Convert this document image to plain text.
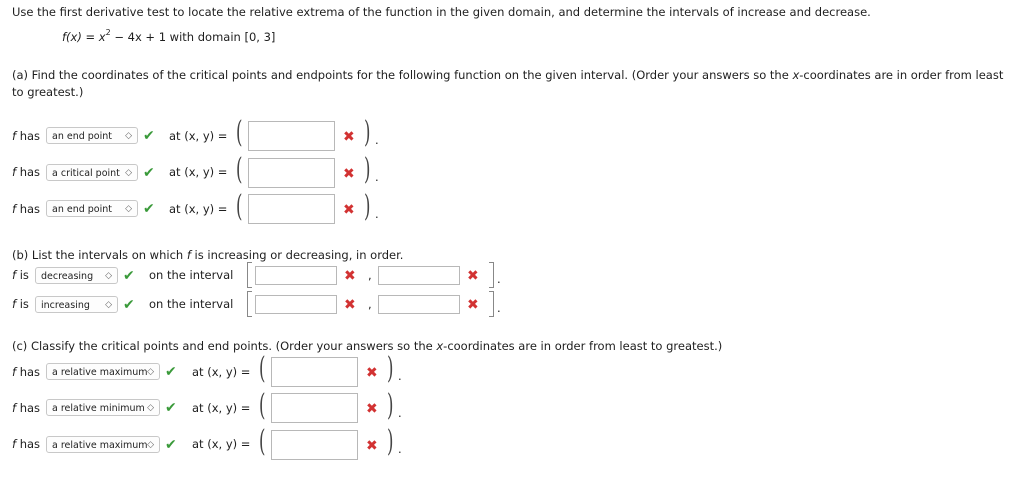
Use the first derivative test to locate the relative extrema of the function in the given domain, and determine the intervals of increase and decrease.
$f(x) = x^2 - 4x + 1$ with domain [0, 3]
(a) Find the coordinates of the critical points and endpoints for the following function on the given interval. (Order your answers so the x-coordinates are in order from least to greatest.)
f has	an end point ◇ ✔ at (x, y) = (	✖ ) .
f has	a critical point ◇ ✔ at (x, y) = (	✖ ) .
f has	an end point ◇ ✔ at (x, y) = (	✖ ) .
(b) List the intervals on which f is increasing or decreasing, in order.
f is	decreasing ◇ ✔ on the interval	✖ ,	✖ .
f is	increasing ◇ ✔ on the interval	✖ ,	✖ .
(c) Classify the critical points and end points. (Order your answers so the x-coordinates are in order from least to greatest.)
f has	a relative maximum ◇ ✔ at (x, y) = (	✖ ) .
f has	a relative minimum ◇ ✔ at (x, y) = (	✖ ) .
f has	a relative maximum ◇ ✔ at (x, y) = (	✖ ) .
